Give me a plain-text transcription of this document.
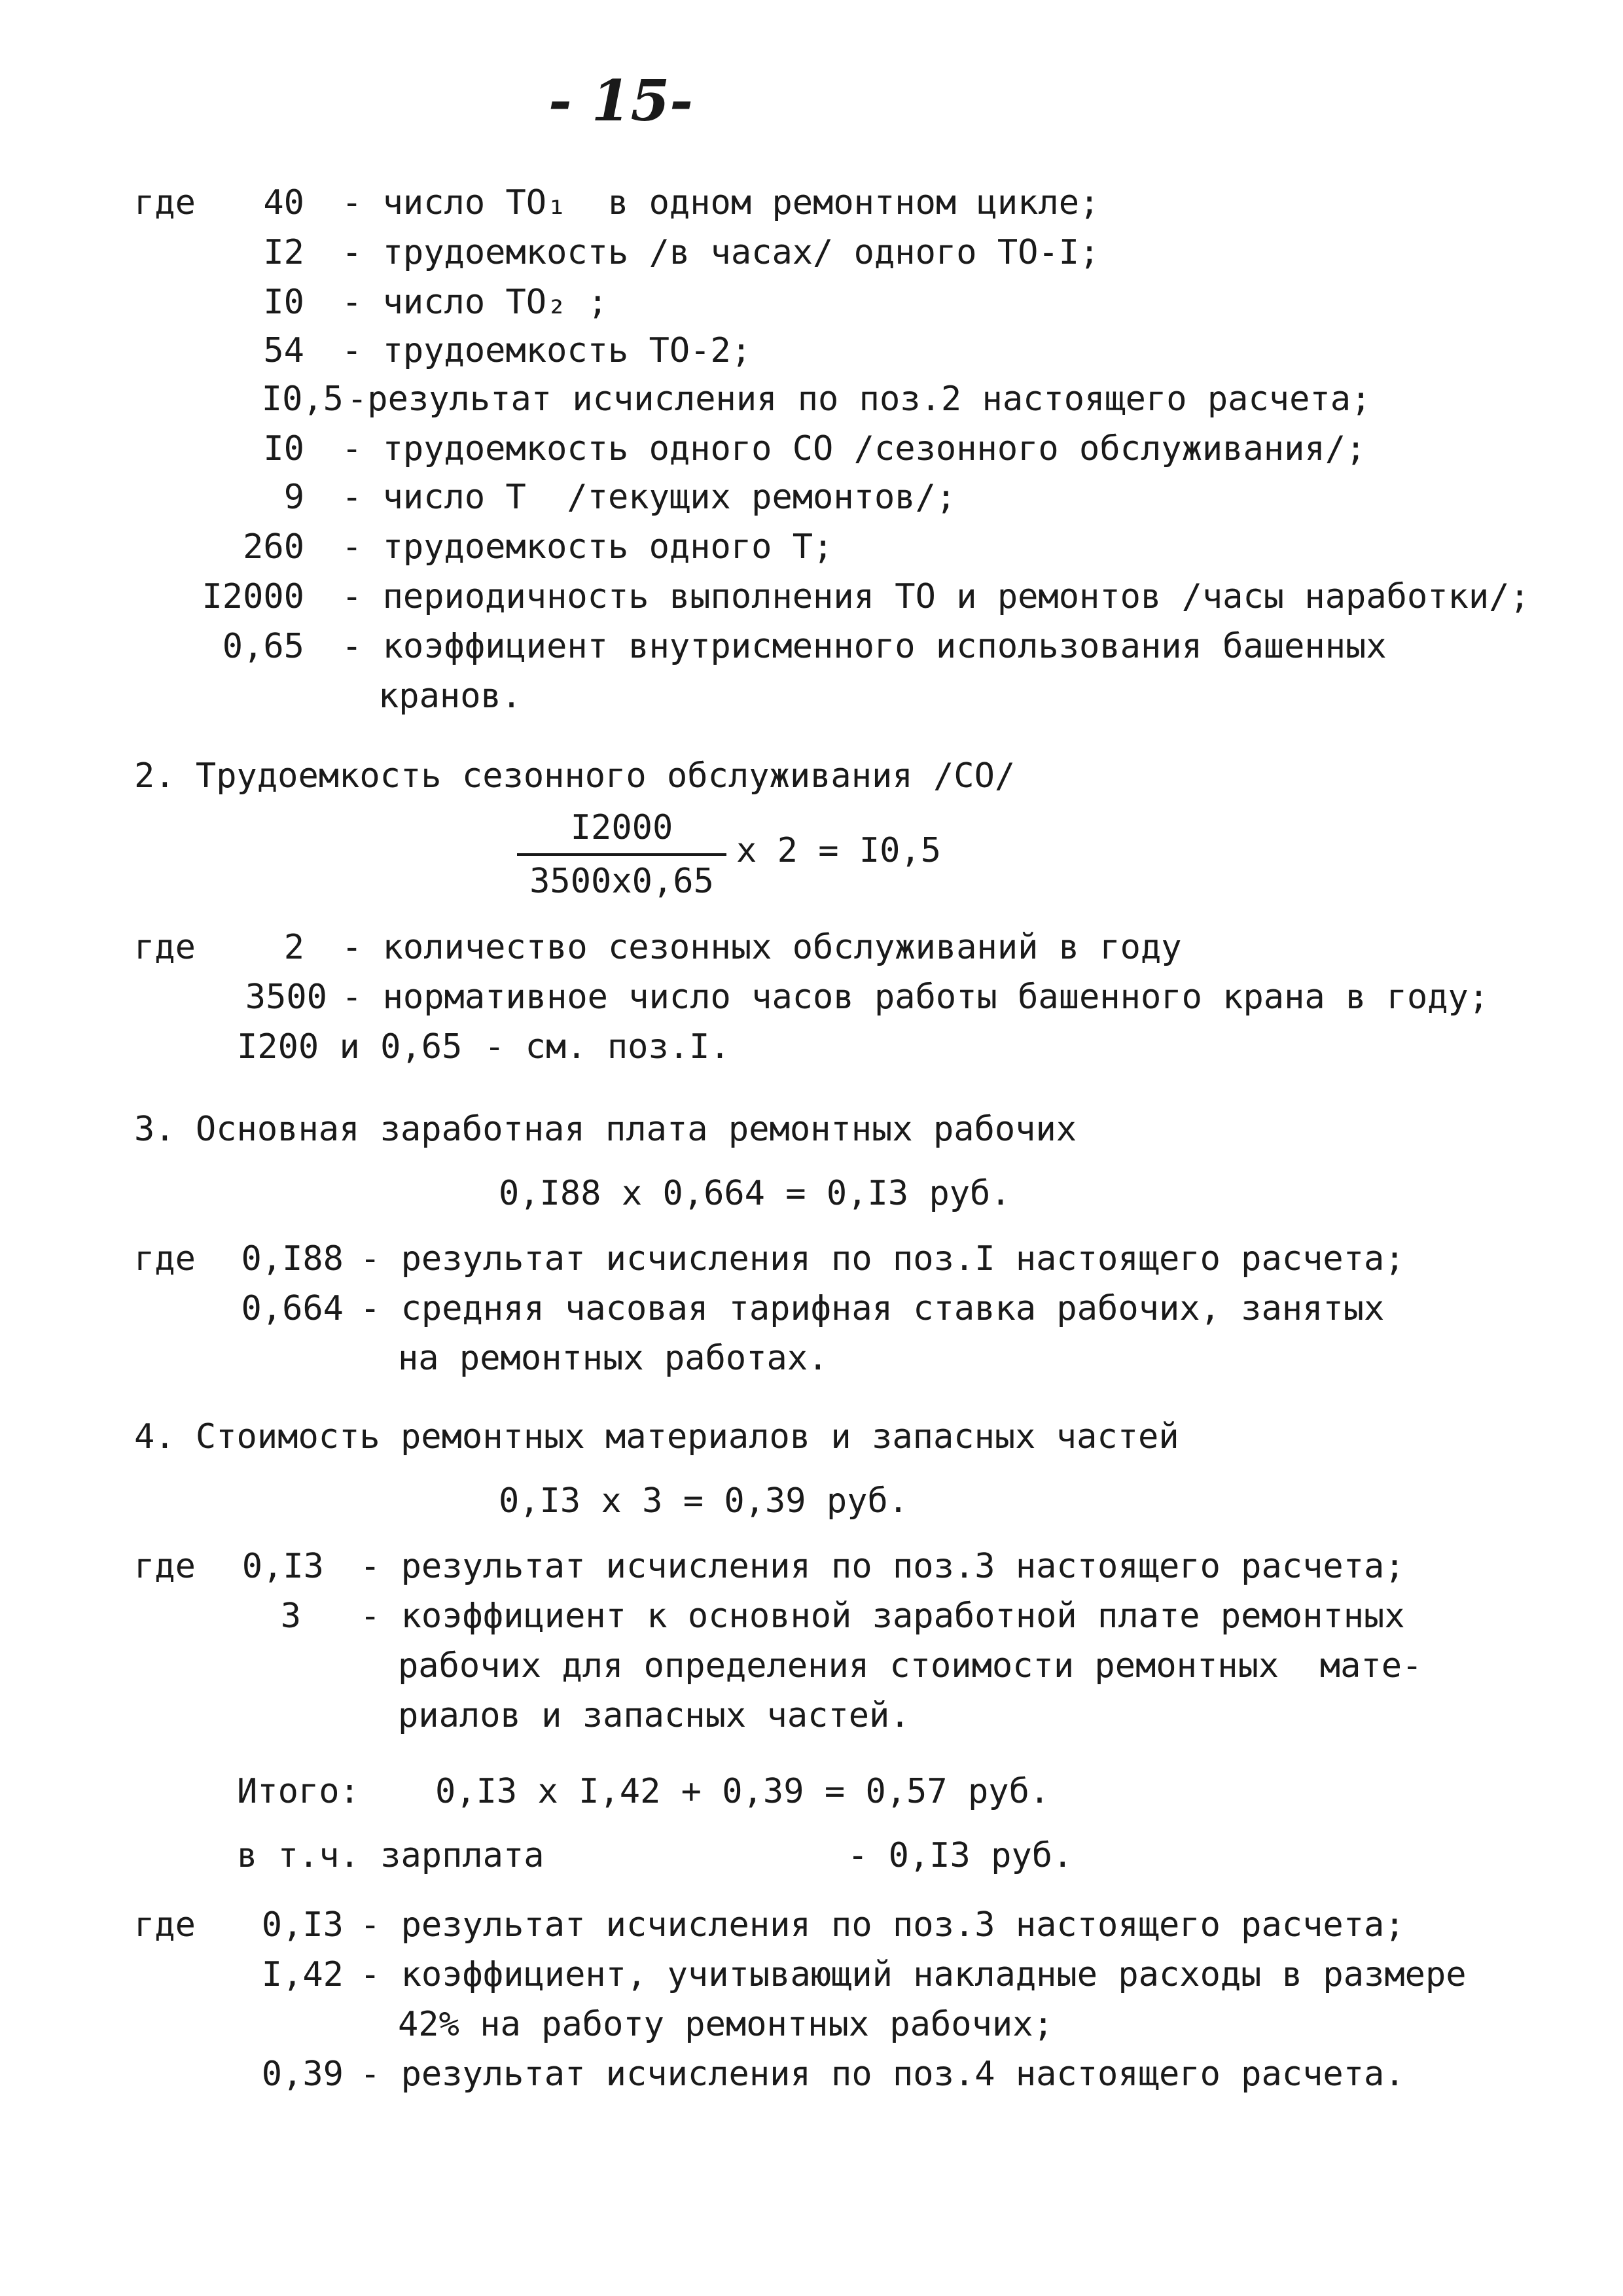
- 15-
где	40 - число ТО₁  в одном ремонтном цикле;
I2 - трудоемкость /в часах/ одного ТО-I;
I0 - число ТО₂ ;
54 - трудоемкость ТО-2;
I0,5 -результат исчисления по поз.2 настоящего расчета;
I0 - трудоемкость одного СО /сезонного обслуживания/;
9 - число Т  /текущих ремонтов/;
260 - трудоемкость одного Т;
I2000 - периодичность выполнения ТО и ремонтов /часы наработки/;
0,65 - коэффициент внутрисменного использования башенных
кранов.
2. Трудоемкость сезонного обслуживания /СО/
I2000
3500х0,65
х 2 = I0,5
где	2 - количество сезонных обслуживаний в году
3500 - нормативное число часов работы башенного крана в году;
I200 и 0,65 - см. поз.I.
3. Основная заработная плата ремонтных рабочих
0,I88 х 0,664 = 0,I3 руб.
где	0,I88 - результат исчисления по поз.I настоящего расчета;
0,664 - средняя часовая тарифная ставка рабочих, занятых
на ремонтных работах.
4. Стоимость ремонтных материалов и запасных частей
0,I3 х 3 = 0,39 руб.
где	0,I3 - результат исчисления по поз.3 настоящего расчета;
3 - коэффициент к основной заработной плате ремонтных
рабочих для определения стоимости ремонтных  мате-
риалов и запасных частей.
Итого: 0,I3 х I,42 + 0,39 = 0,57 руб.
в т.ч. зарплата	- 0,I3 руб.
где	0,I3 - результат исчисления по поз.3 настоящего расчета;
I,42 - коэффициент, учитывающий накладные расходы в размере
42% на работу ремонтных рабочих;
0,39 - результат исчисления по поз.4 настоящего расчета.
